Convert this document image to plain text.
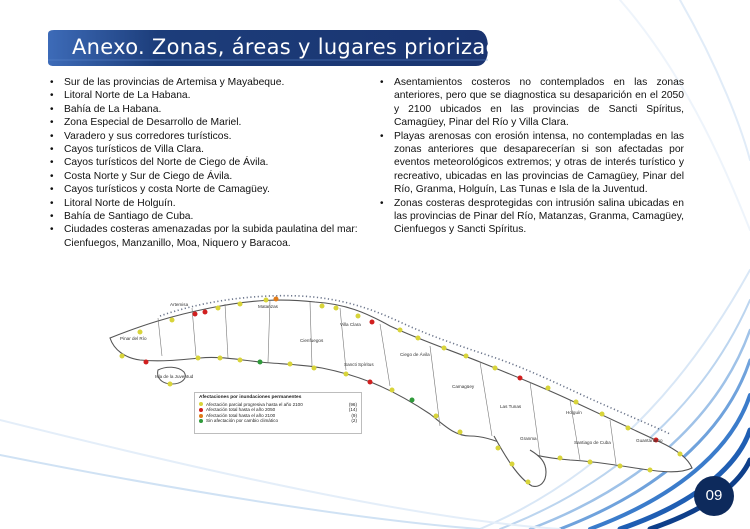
Anexo. Zonas, áreas y lugares priorizados:
• Sur de las provincias de Artemisa y Mayabeque.
• Litoral Norte de La Habana.
• Bahía de La Habana.
• Zona Especial de Desarrollo de Mariel.
• Varadero y sus corredores turísticos.
• Cayos turísticos de Villa Clara.
• Cayos turísticos del Norte de Ciego de Ávila.
• Costa Norte y Sur de Ciego de Ávila.
• Cayos turísticos y costa Norte de Camagüey.
• Litoral Norte de Holguín.
• Bahía de Santiago de Cuba.
• Ciudades costeras amenazadas por la subida paulatina del mar: Cienfuegos, Manzanillo, Moa, Niquero y Baracoa.
• Asentamientos costeros no contemplados en las zonas anteriores, pero que se diagnostica su desaparición en el 2050 y 2100 ubicados en las provincias de Sancti Spíritus, Camagüey, Pinar del Río y Villa Clara.
• Playas arenosas con erosión intensa, no contempladas en las zonas anteriores que desaparecerían si son afectadas por eventos meteorológicos extremos; y otras de interés turístico y recreativo, ubicadas en las provincias de Camagüey, Pinar del Río, Granma, Holguín, Las Tunas e Isla de la Juventud.
• Zonas costeras desprotegidas con intrusión salina ubicadas en las provincias de Pinar del Río, Matanzas, Granma, Camagüey, Cienfuegos y Sancti Spíritus.
Artemisa	Matanzas
Pinar del Río
Villa Clara
Cienfuegos
Ciego de Ávila
Sancti Spíritus
Isla de la Juventud
Camagüey
Las Tunas
Holguín
Granma
Santiago de Cuba	Guantánamo
Afectaciones por inundaciones permanentes
Afectación parcial progresiva hasta el año 2100	(96)
Afectación total hasta el año 2050	(14)
Afectación total hasta el año 2100	(9)
Sin afectación por cambio climático	(2)
09
